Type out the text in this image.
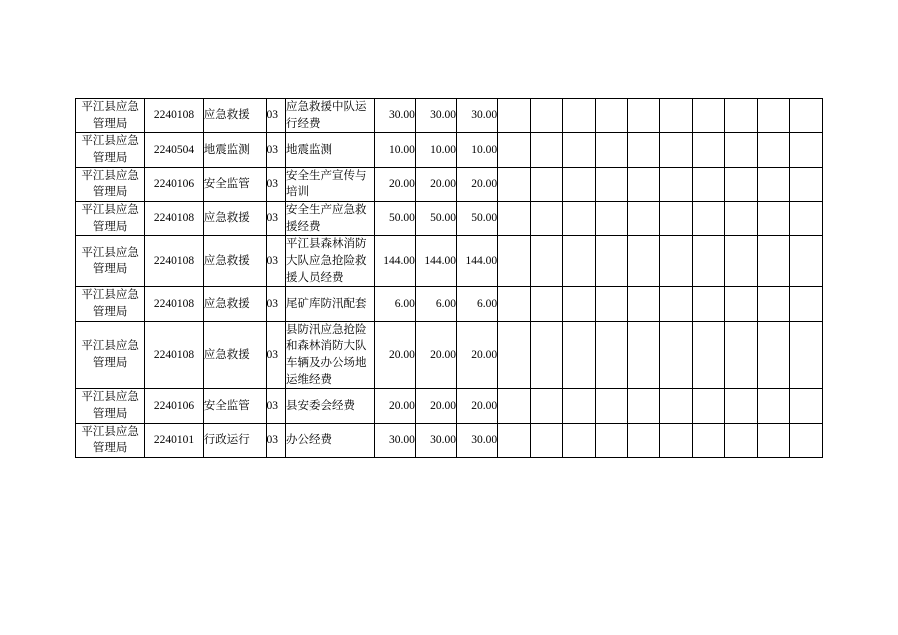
平江县应急管理局	2240108	应急救援	03	应急救援中队运行经费	30.00	30.00	30.00										
平江县应急管理局	2240504	地震监测	03	地震监测	10.00	10.00	10.00										
平江县应急管理局	2240106	安全监管	03	安全生产宣传与培训	20.00	20.00	20.00										
平江县应急管理局	2240108	应急救援	03	安全生产应急救援经费	50.00	50.00	50.00										
平江县应急管理局	2240108	应急救援	03	平江县森林消防大队应急抢险救援人员经费	144.00	144.00	144.00										
平江县应急管理局	2240108	应急救援	03	尾矿库防汛配套	6.00	6.00	6.00										
平江县应急管理局	2240108	应急救援	03	县防汛应急抢险和森林消防大队车辆及办公场地运维经费	20.00	20.00	20.00										
平江县应急管理局	2240106	安全监管	03	县安委会经费	20.00	20.00	20.00										
平江县应急管理局	2240101	行政运行	03	办公经费	30.00	30.00	30.00										
